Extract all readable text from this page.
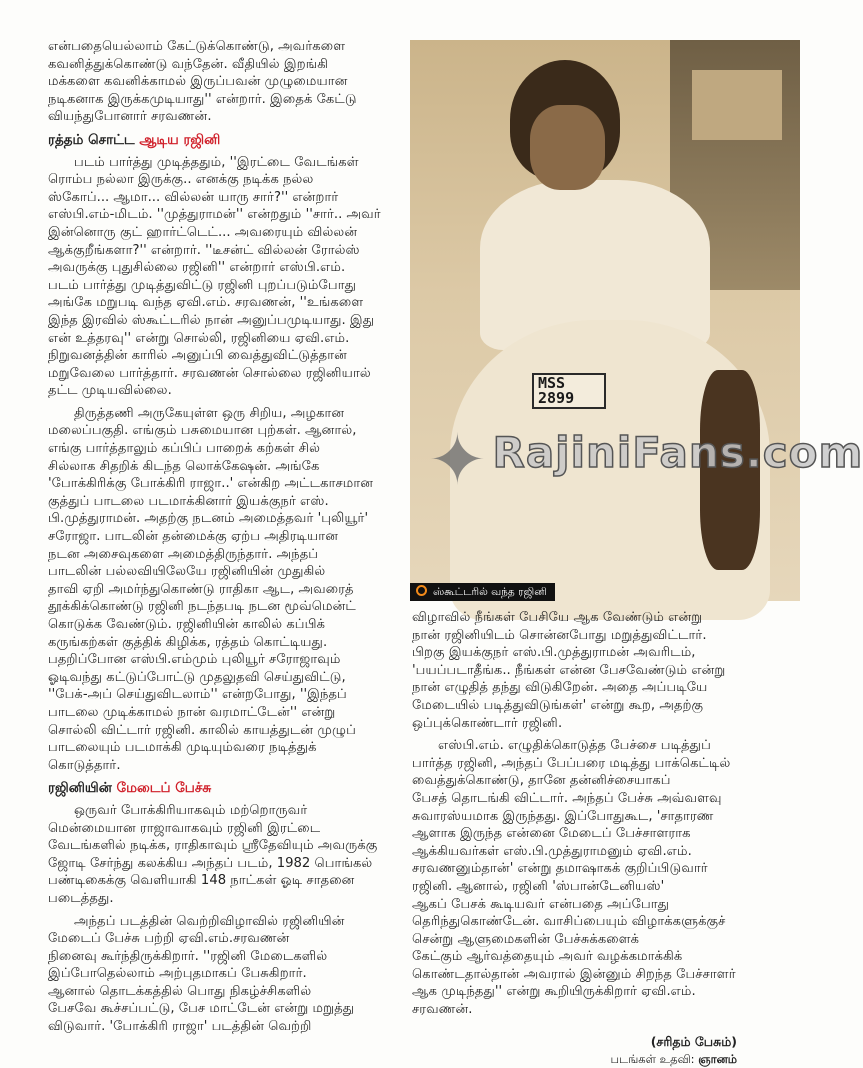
என்பதையெல்லாம் கேட்டுக்கொண்டு, அவர்களை
கவனித்துக்கொண்டு வந்தேன். வீதியில் இறங்கி
மக்களை கவனிக்காமல் இருப்பவன் முழுமையான
நடிகனாக இருக்கமுடியாது'' என்றார். இதைக் கேட்டு
வியந்துபோனார் சரவணன்.
ரத்தம் சொட்ட ஆடிய ரஜினி
படம் பார்த்து முடித்ததும், ''இரட்டை வேடங்கள்
ரொம்ப நல்லா இருக்கு.. எனக்கு நடிக்க நல்ல
ஸ்கோப்... ஆமா... வில்லன் யாரு சார்?'' என்றார்
எஸ்பி.எம்-மிடம். ''முத்துராமன்'' என்றதும் ''சார்.. அவர்
இன்னொரு குட் ஹார்ட்டெட்... அவரையும் வில்லன்
ஆக்குறீங்களா?'' என்றார். ''டீசன்ட் வில்லன் ரோல்ஸ்
அவருக்கு புதுசில்லை ரஜினி'' என்றார் எஸ்பி.எம்.
படம் பார்த்து முடித்துவிட்டு ரஜினி புறப்படும்போது
அங்கே மறுபடி வந்த ஏவி.எம். சரவணன், ''உங்களை
இந்த இரவில் ஸ்கூட்டரில் நான் அனுப்பமுடியாது. இது
என் உத்தரவு'' என்று சொல்லி, ரஜினியை ஏவி.எம்.
நிறுவனத்தின் காரில் அனுப்பி வைத்துவிட்டுத்தான்
மறுவேலை பார்த்தார். சரவணன் சொல்லை ரஜினியால்
தட்ட முடியவில்லை.
திருத்தணி அருகேயுள்ள ஒரு சிறிய, அழகான
மலைப்பகுதி. எங்கும் பசுமையான புற்கள். ஆனால்,
எங்கு பார்த்தாலும் கப்பிப் பாறைக் கற்கள் சில்
சில்லாக சிதறிக் கிடந்த லொக்கேஷன். அங்கே
'போக்கிரிக்கு போக்கிரி ராஜா..' என்கிற அட்டகாசமான
குத்துப் பாடலை படமாக்கினார் இயக்குநர் எஸ்.
பி.முத்துராமன். அதற்கு நடனம் அமைத்தவர் 'புலியூர்'
சரோஜா. பாடலின் தன்மைக்கு ஏற்ப அதிரடியான
நடன அசைவுகளை அமைத்திருந்தார். அந்தப்
பாடலின் பல்லவியிலேயே ரஜினியின் முதுகில்
தாவி ஏறி அமர்ந்துகொண்டு ராதிகா ஆட, அவரைத்
தூக்கிக்கொண்டு ரஜினி நடந்தபடி நடன மூவ்மென்ட்
கொடுக்க வேண்டும். ரஜினியின் காலில் கப்பிக்
கருங்கற்கள் குத்திக் கிழிக்க, ரத்தம் கொட்டியது.
பதறிப்போன எஸ்பி.எம்மும் புலியூர் சரோஜாவும்
ஓடிவந்து கட்டுப்போட்டு முதலுதவி செய்துவிட்டு,
''பேக்-அப் செய்துவிடலாம்'' என்றபோது, ''இந்தப்
பாடலை முடிக்காமல் நான் வரமாட்டேன்'' என்று
சொல்லி விட்டார் ரஜினி. காலில் காயத்துடன் முழுப்
பாடலையும் படமாக்கி முடியும்வரை நடித்துக்
கொடுத்தார்.
ரஜினியின் மேடைப் பேச்சு
ஒருவர் போக்கிரியாகவும் மற்றொருவர்
மென்மையான ராஜாவாகவும் ரஜினி இரட்டை
வேடங்களில் நடிக்க, ராதிகாவும் ஸ்ரீதேவியும் அவருக்கு
ஜோடி சேர்ந்து கலக்கிய அந்தப் படம், 1982 பொங்கல்
பண்டிகைக்கு வெளியாகி 148 நாட்கள் ஓடி சாதனை
படைத்தது.
அந்தப் படத்தின் வெற்றிவிழாவில் ரஜினியின்
மேடைப் பேச்சு பற்றி ஏவி.எம்.சரவணன்
நினைவு கூர்ந்திருக்கிறார். ''ரஜினி மேடைகளில்
இப்போதெல்லாம் அற்புதமாகப் பேசுகிறார்.
ஆனால் தொடக்கத்தில் பொது நிகழ்ச்சிகளில்
பேசவே கூச்சப்பட்டு, பேச மாட்டேன் என்று மறுத்து
விடுவார். 'போக்கிரி ராஜா' படத்தின் வெற்றி
MSS
2899
✦ RajiniFans.com
ஸ்கூட்டரில் வந்த ரஜினி
விழாவில் நீங்கள் பேசியே ஆக வேண்டும் என்று
நான் ரஜினியிடம் சொன்னபோது மறுத்துவிட்டார்.
பிறகு இயக்குநர் எஸ்.பி.முத்துராமன் அவரிடம்,
'பயப்படாதீங்க.. நீங்கள் என்ன பேசவேண்டும் என்று
நான் எழுதித் தந்து விடுகிறேன். அதை அப்படியே
மேடையில் படித்துவிடுங்கள்' என்று கூற, அதற்கு
ஒப்புக்கொண்டார் ரஜினி.
எஸ்பி.எம். எழுதிக்கொடுத்த பேச்சை படித்துப்
பார்த்த ரஜினி, அந்தப் பேப்பரை மடித்து பாக்கெட்டில்
வைத்துக்கொண்டு, தானே தன்னிச்சையாகப்
பேசத் தொடங்கி விட்டார். அந்தப் பேச்சு அவ்வளவு
சுவாரஸ்யமாக இருந்தது. இப்போதுகூட, 'சாதாரண
ஆளாக இருந்த என்னை மேடைப் பேச்சாளராக
ஆக்கியவர்கள் எஸ்.பி.முத்துராமனும் ஏவி.எம்.
சரவணனும்தான்' என்று தமாஷாகக் குறிப்பிடுவார்
ரஜினி. ஆனால், ரஜினி 'ஸ்பான்டேனியஸ்'
ஆகப் பேசக் கூடியவர் என்பதை அப்போது
தெரிந்துகொண்டேன். வாசிப்பையும் விழாக்களுக்குச்
சென்று ஆளுமைகளின் பேச்சுக்களைக்
கேட்கும் ஆர்வத்தையும் அவர் வழக்கமாக்கிக்
கொண்டதால்தான் அவரால் இன்னும் சிறந்த பேச்சாளர்
ஆக முடிந்தது'' என்று கூறியிருக்கிறார் ஏவி.எம்.
சரவணன்.
(சரிதம் பேசும்)
படங்கள் உதவி: ஞானம்
